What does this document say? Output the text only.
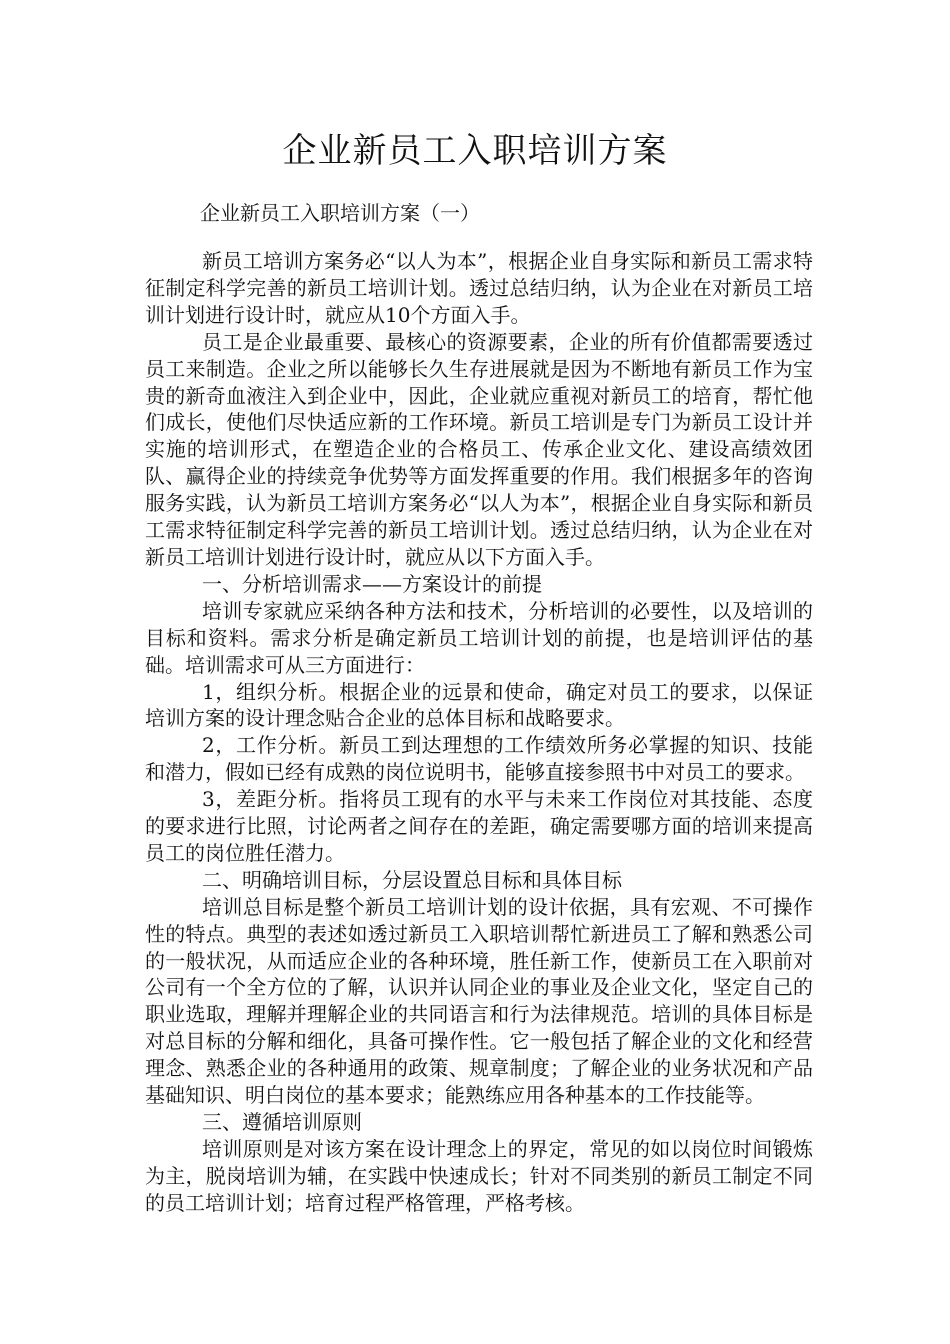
企业新员工入职培训方案
企业新员工入职培训方案（一）

新员工培训方案务必“以人为本”，根据企业自身实际和新员工需求特征制定科学完善的新员工培训计划。透过总结归纳，认为企业在对新员工培训计划进行设计时，就应从10个方面入手。

员工是企业最重要、最核心的资源要素，企业的所有价值都需要透过员工来制造。企业之所以能够长久生存进展就是因为不断地有新员工作为宝贵的新奇血液注入到企业中，因此，企业就应重视对新员工的培育，帮忙他们成长，使他们尽快适应新的工作环境。新员工培训是专门为新员工设计并实施的培训形式，在塑造企业的合格员工、传承企业文化、建设高绩效团队、赢得企业的持续竞争优势等方面发挥重要的作用。我们根据多年的咨询服务实践，认为新员工培训方案务必“以人为本”，根据企业自身实际和新员工需求特征制定科学完善的新员工培训计划。透过总结归纳，认为企业在对新员工培训计划进行设计时，就应从以下方面入手。

一、分析培训需求——方案设计的前提

培训专家就应采纳各种方法和技术，分析培训的必要性，以及培训的目标和资料。需求分析是确定新员工培训计划的前提，也是培训评估的基础。培训需求可从三方面进行：

1，组织分析。根据企业的远景和使命，确定对员工的要求，以保证培训方案的设计理念贴合企业的总体目标和战略要求。

2，工作分析。新员工到达理想的工作绩效所务必掌握的知识、技能和潜力，假如已经有成熟的岗位说明书，能够直接参照书中对员工的要求。

3，差距分析。指将员工现有的水平与未来工作岗位对其技能、态度的要求进行比照，讨论两者之间存在的差距，确定需要哪方面的培训来提高员工的岗位胜任潜力。

二、明确培训目标，分层设置总目标和具体目标

培训总目标是整个新员工培训计划的设计依据，具有宏观、不可操作性的特点。典型的表述如透过新员工入职培训帮忙新进员工了解和熟悉公司的一般状况，从而适应企业的各种环境，胜任新工作，使新员工在入职前对公司有一个全方位的了解，认识并认同企业的事业及企业文化，坚定自己的职业选取，理解并理解企业的共同语言和行为法律规范。培训的具体目标是对总目标的分解和细化，具备可操作性。它一般包括了解企业的文化和经营理念、熟悉企业的各种通用的政策、规章制度；了解企业的业务状况和产品基础知识、明白岗位的基本要求；能熟练应用各种基本的工作技能等。

三、遵循培训原则

培训原则是对该方案在设计理念上的界定，常见的如以岗位时间锻炼为主，脱岗培训为辅，在实践中快速成长；针对不同类别的新员工制定不同的员工培训计划；培育过程严格管理，严格考核。
